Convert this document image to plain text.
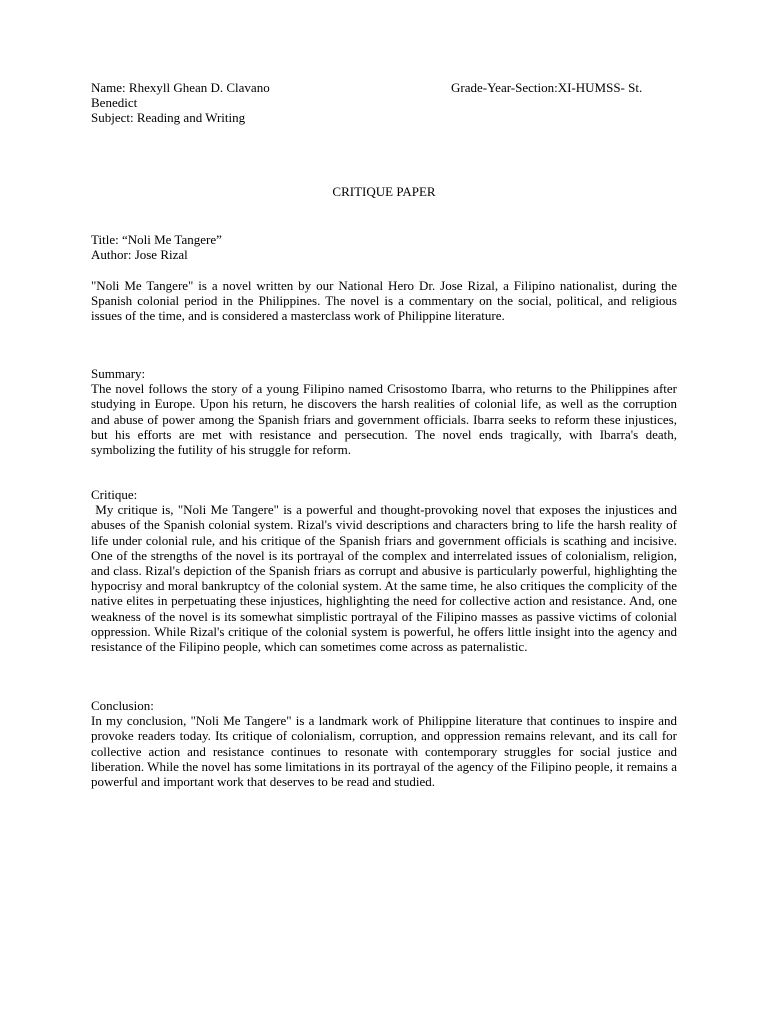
Name: Rhexyll Ghean D. Clavano	Grade-Year-Section:XI-HUMSS- St.
Benedict
Subject: Reading and Writing
CRITIQUE PAPER
Title: “Noli Me Tangere”
Author: Jose Rizal

"Noli Me Tangere" is a novel written by our National Hero Dr. Jose Rizal, a Filipino nationalist, during the Spanish colonial period in the Philippines. The novel is a commentary on the social, political, and religious issues of the time, and is considered a masterclass work of Philippine literature.

Summary:

The novel follows the story of a young Filipino named Crisostomo Ibarra, who returns to the Philippines after studying in Europe. Upon his return, he discovers the harsh realities of colonial life, as well as the corruption and abuse of power among the Spanish friars and government officials. Ibarra seeks to reform these injustices, but his efforts are met with resistance and persecution. The novel ends tragically, with Ibarra's death, symbolizing the futility of his struggle for reform.

Critique:

My critique is, "Noli Me Tangere" is a powerful and thought-provoking novel that exposes the injustices and abuses of the Spanish colonial system. Rizal's vivid descriptions and characters bring to life the harsh reality of life under colonial rule, and his critique of the Spanish friars and government officials is scathing and incisive. One of the strengths of the novel is its portrayal of the complex and interrelated issues of colonialism, religion, and class. Rizal's depiction of the Spanish friars as corrupt and abusive is particularly powerful, highlighting the hypocrisy and moral bankruptcy of the colonial system. At the same time, he also critiques the complicity of the native elites in perpetuating these injustices, highlighting the need for collective action and resistance. And, one weakness of the novel is its somewhat simplistic portrayal of the Filipino masses as passive victims of colonial oppression. While Rizal's critique of the colonial system is powerful, he offers little insight into the agency and resistance of the Filipino people, which can sometimes come across as paternalistic.

Conclusion:

In my conclusion, "Noli Me Tangere" is a landmark work of Philippine literature that continues to inspire and provoke readers today. Its critique of colonialism, corruption, and oppression remains relevant, and its call for collective action and resistance continues to resonate with contemporary struggles for social justice and liberation. While the novel has some limitations in its portrayal of the agency of the Filipino people, it remains a powerful and important work that deserves to be read and studied.
